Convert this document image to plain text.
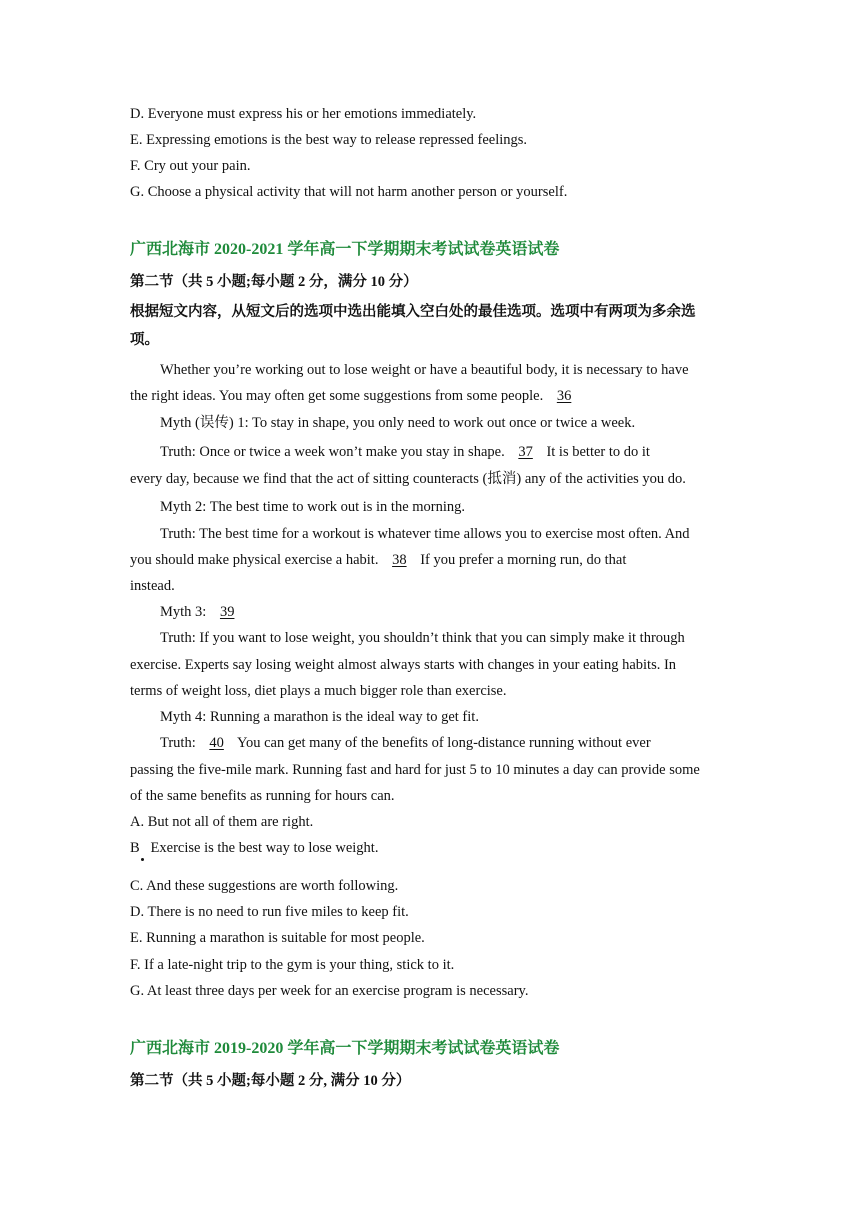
D. Everyone must express his or her emotions immediately.
E. Expressing emotions is the best way to release repressed feelings.
F. Cry out your pain.
G. Choose a physical activity that will not harm another person or yourself.
广西北海市 2020-2021 学年高一下学期期末考试试卷英语试卷
第二节（共 5 小题;每小题 2 分，满分 10 分）
根据短文内容，从短文后的选项中选出能填入空白处的最佳选项。选项中有两项为多余选
项。
Whether you’re working out to lose weight or have a beautiful body, it is necessary to have
the right ideas. You may often get some suggestions from some people. 36
Myth (误传) 1: To stay in shape, you only need to work out once or twice a week.
Truth: Once or twice a week won’t make you stay in shape. 37 It is better to do it
every day, because we find that the act of sitting counteracts (抵消) any of the activities you do.
Myth 2: The best time to work out is in the morning.
Truth: The best time for a workout is whatever time allows you to exercise most often. And
you should make physical exercise a habit. 38 If you prefer a morning run, do that
instead.
Myth 3: 39
Truth: If you want to lose weight, you shouldn’t think that you can simply make it through
exercise. Experts say losing weight almost always starts with changes in your eating habits. In
terms of weight loss, diet plays a much bigger role than exercise.
Myth 4: Running a marathon is the ideal way to get fit.
Truth: 40 You can get many of the benefits of long-distance running without ever
passing the five-mile mark. Running fast and hard for just 5 to 10 minutes a day can provide some
of the same benefits as running for hours can.
A. But not all of them are right.
B   Exercise is the best way to lose weight.
C. And these suggestions are worth following.
D. There is no need to run five miles to keep fit.
E. Running a marathon is suitable for most people.
F. If a late-night trip to the gym is your thing, stick to it.
G. At least three days per week for an exercise program is necessary.
广西北海市 2019-2020 学年高一下学期期末考试试卷英语试卷
第二节（共 5 小题;每小题 2 分, 满分 10 分）
